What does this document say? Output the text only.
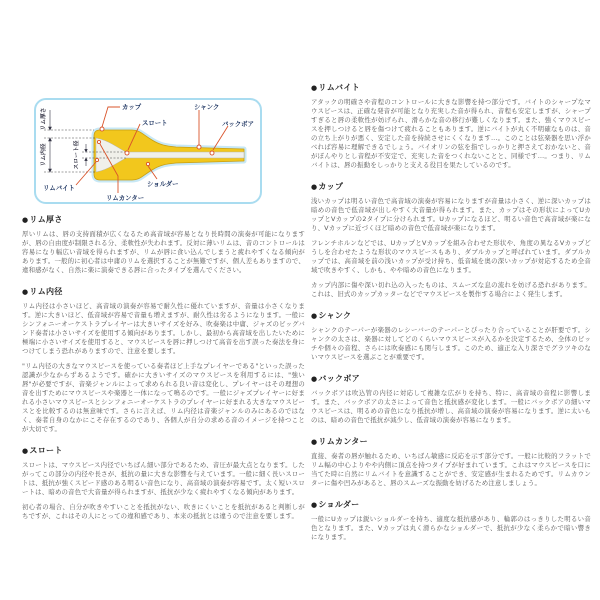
リム厚さ
リム内径	スロート径
カップ
スロート
シャンク
バックボア
リムバイト	ショルダー
リムカンター
●リム厚さ

厚いリムは、唇の支持面積が広くなるため高音域が容易となり長時間の演奏が可能になりますが、唇の自由度が制限される分、柔軟性が失われます。反対に薄いリムは、音のコントロールは容易になり幅広い音域を得られますが、リムが唇に食い込んでしまうと疲れやすくなる傾向があります。一般的に初心者は中庸のリムを選択することが無難ですが、個人差もありますので、違和感がなく、自然に楽に演奏できる唇に合ったタイプを選んでください。

●リム内径

リム内径は小さいほど、高音域の演奏が容易で耐久性に優れていますが、音量は小さくなります。逆に大きいほど、低音域が容易で音量も増えますが、耐久性は劣るようになります。一般にシンフォニーオーケストラプレイヤーは大きいサイズを好み、吹奏楽は中庸、ジャズのビッグバンド奏者は小さいサイズを使用する傾向があります。しかし、最初から高音域を出したいために極端に小さいサイズを使用すると、マウスピースを唇に押しつけて高音を出す誤った奏法を身につけてしまう恐れがありますので、注意を要します。

"リム内径の大きなマウスピースを使っている奏者ほど上手なプレイヤーである"といった誤った認識が少なからずあるようです。確かに大きいサイズのマウスピースを利用するには、"強い唇"が必要ですが、音楽ジャンルによって求められる良い音は変化し、プレイヤーはその理想の音を出すためにマウスピースや楽器と一体になって鳴るのです。一般にジャズプレイヤーに好まれる小さいマウスピースとシンフォニーオーケストラのプレイヤーに好まれる大きなマウスピースとを比較するのは無意味です。さらに言えば、リム内径は音楽ジャンルのみにあるのではなく、奏者自身のなかにこそ存在するのであり、各個人が自分の求める音のイメージを持つことが大切です。

●スロート

スロートは、マウスピース内径でいちばん細い部分であるため、音圧が最大点となります。したがってこの部分の内径や長さが、抵抗の量に大きな影響を与えています。一般に細く長いスロートは、抵抗が強くスピード感のある明るい音色になり、高音域の演奏が容易です。太く短いスロートは、暗めの音色で大音量が得られますが、抵抗が少なく疲れやすくなる傾向があります。

初心者の場合、自分が吹きやすいことを抵抗がない、吹きにくいことを抵抗があると判断しがちですが、これはその人にとっての違和感であり、本来の抵抗とは違うので注意を要します。

●リムバイト

アタックの明確さや音程のコントロールに大きな影響を持つ部分です。バイトのシャープなマウスピースは、正確な発音が可能となり充実した音が得られ、音程も安定しますが、シャープすぎると唇の柔軟性が妨げられ、滑らかな音の移行が難しくなります。また、強くマウスピースを押しつけると唇を傷つけて疲れることもあります。逆にバイトが丸く不明確なものは、音の立ち上がりが悪く、安定した音を持続させにくくなります…。このことは弦楽器を思い浮かべれば容易に理解できるでしょう。バイオリンの弦を指でしっかりと押さえておかないと、音がぼんやりとし音程が不安定で、充実した音をつくれないことと、同様です…。つまり、リムバイトは、唇の振動をしっかりと支える役目を果たしているのです。

●カップ

浅いカップは明るい音色で高音域の演奏が容易になりますが音量は小さく、逆に深いカップは暗めの音色で低音域が出しやすく大音量が得られます。また、カップはその形状によってUカップとVカップの2タイプに分けられます。Uカップになるほど、明るい音色で高音域が楽になり、Vカップに近づくほど暗めの音色で低音域が楽になります。

フレンチホルンなどでは、UカップとVカップを組み合わせた形状や、角度の異なるVカップどうしを合わせたような形状のマウスピースもあり、ダブルカップと呼ばれています。ダブルカップでは、高音域を前の浅いカップが受け持ち、低音域を奥の深いカップが対応するため全音域で吹きやすく、しかも、やや暗めの音色になります。

カップ内部に傷や深い切れ込の入ったものは、スムーズな息の流れを妨げる恐れがあります。これは、旧式のカップカッターなどでマウスピースを製作する場合によく発生します。

●シャンク

シャンクのテーパーが楽器のレシーバーのテーパーとぴったり合っていることが肝要です。シャンクの太さは、楽器に対してどのくらいマウスピースが入るかを決定するため、全体のピッチや個々の音程、さらには吹奏感にも関与します。このため、適正な入り深さでグラツキのないマウスピースを選ぶことが重要です。

●バックボア

バックボアは吹込管の内径に対応して複雑な広がりを持ち、特に、高音域の音程に影響します。また、バックボアの太さによって音色と抵抗感が変化します。一般にバックボアの細いマウスピースは、明るめの音色になり抵抗が増し、高音域の演奏が容易になります。逆に太いものは、暗めの音色で抵抗が減少し、低音域の演奏が容易になります。

●リムカンター

直接、奏者の唇が触れるため、いちばん敏感に反応を示す部分です。一般に比較的フラットでリム幅の中心よりやや内側に頂点を持つタイプが好まれています。これはマウスピースを口に当てた時に自然にリムバイトを意識することができ、安定感が生まれるためです。リムカウンターに傷や凹みがあると、唇のスムーズな振動を妨げるため注意しましょう。

●ショルダー

一般にUカップは鋭いショルダーを持ち、適度な抵抗感があり、輪郭のはっきりした明るい音色となります。また、Vカップは丸く滑らかなショルダーで、抵抗が少なく柔らかで暗い響きになります。
